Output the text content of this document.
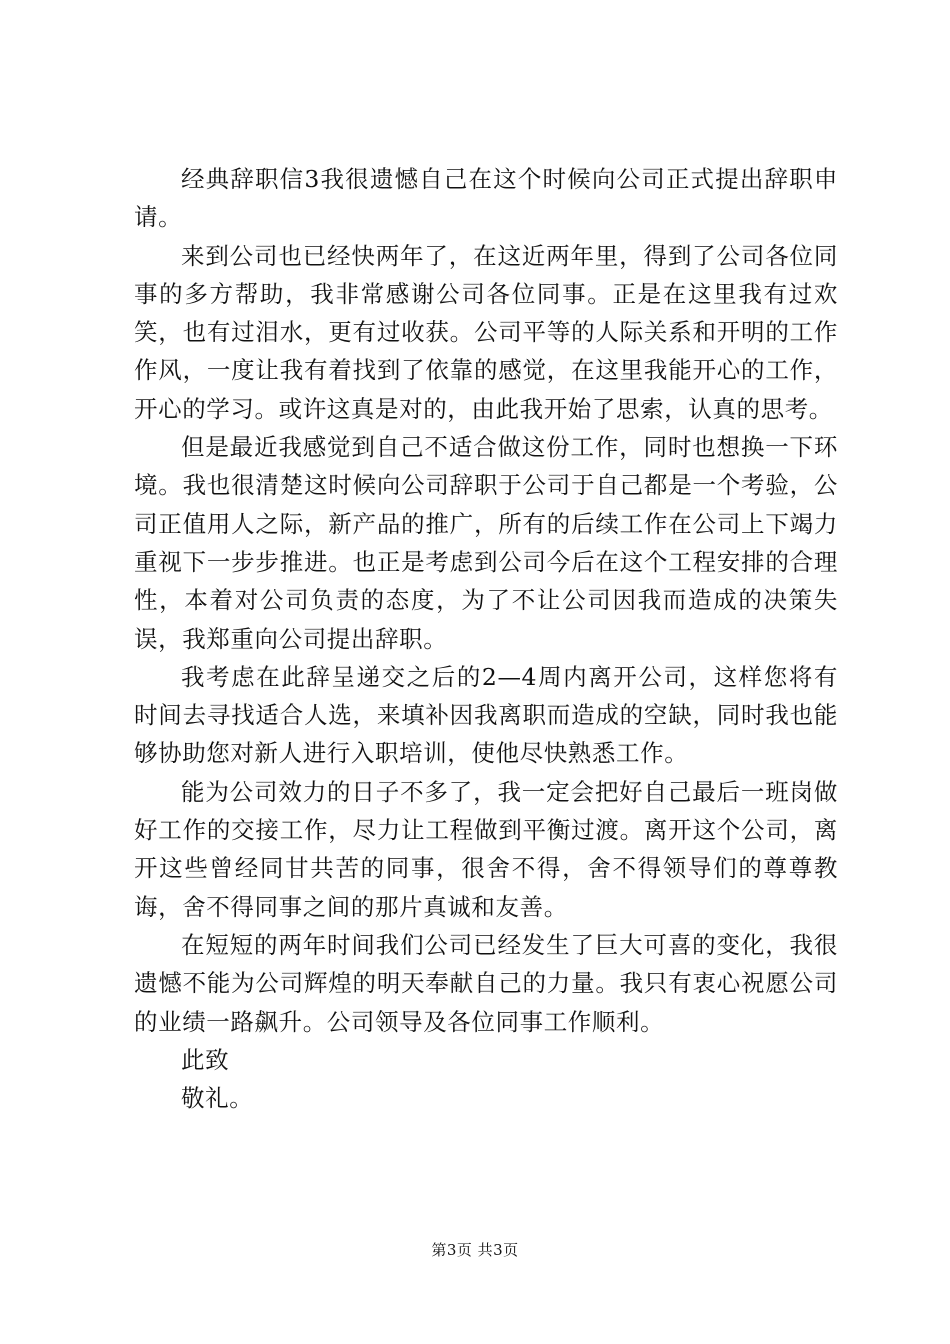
经典辞职信3我很遗憾自己在这个时候向公司正式提出辞职申请。

来到公司也已经快两年了，在这近两年里，得到了公司各位同事的多方帮助，我非常感谢公司各位同事。正是在这里我有过欢笑，也有过泪水，更有过收获。公司平等的人际关系和开明的工作作风，一度让我有着找到了依靠的感觉，在这里我能开心的工作，开心的学习。或许这真是对的，由此我开始了思索，认真的思考。

但是最近我感觉到自己不适合做这份工作，同时也想换一下环境。我也很清楚这时候向公司辞职于公司于自己都是一个考验，公司正值用人之际，新产品的推广，所有的后续工作在公司上下竭力重视下一步步推进。也正是考虑到公司今后在这个工程安排的合理性，本着对公司负责的态度，为了不让公司因我而造成的决策失误，我郑重向公司提出辞职。

我考虑在此辞呈递交之后的2—4周内离开公司，这样您将有时间去寻找适合人选，来填补因我离职而造成的空缺，同时我也能够协助您对新人进行入职培训，使他尽快熟悉工作。

能为公司效力的日子不多了，我一定会把好自己最后一班岗做好工作的交接工作，尽力让工程做到平衡过渡。离开这个公司，离开这些曾经同甘共苦的同事，很舍不得，舍不得领导们的尊尊教诲，舍不得同事之间的那片真诚和友善。

在短短的两年时间我们公司已经发生了巨大可喜的变化，我很遗憾不能为公司辉煌的明天奉献自己的力量。我只有衷心祝愿公司的业绩一路飙升。公司领导及各位同事工作顺利。

此致

敬礼。

第3页 共3页
